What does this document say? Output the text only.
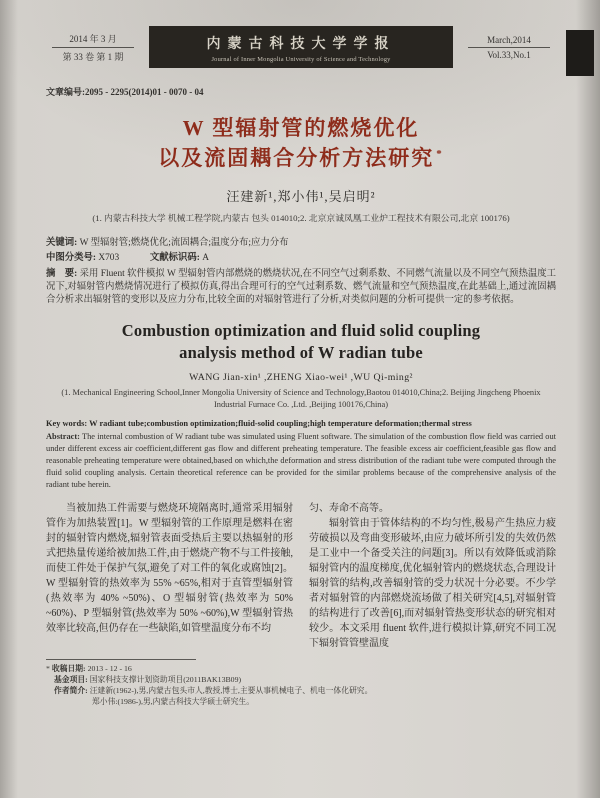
2014 年 3 月
第 33 卷 第 1 期
内蒙古科技大学学报
Journal of Inner Mongolia University of Science and Technology
March,2014
Vol.33,No.1
文章编号:2095 - 2295(2014)01 - 0070 - 04
W 型辐射管的燃烧优化
以及流固耦合分析方法研究 *
汪建新¹,郑小伟¹,吴启明²
(1. 内蒙古科技大学 机械工程学院,内蒙古 包头 014010;2. 北京京诚凤凰工业炉工程技术有限公司,北京 100176)
关键词: W 型辐射管;燃烧优化;流固耦合;温度分布;应力分布
中图分类号: X703	文献标识码: A
摘　要: 采用 Fluent 软件模拟 W 型辐射管内部燃烧的燃烧状况,在不同空气过剩系数、不同燃气流量以及不同空气预热温度工况下,对辐射管内燃烧情况进行了模拟仿真,得出合理可行的空气过剩系数、燃气流量和空气预热温度,在此基础上,通过流固耦合分析求出辐射管的变形以及应力分布,比较全面的对辐射管进行了分析,对类似问题的分析可提供一定的参考依据。
Combustion optimization and fluid solid coupling
analysis method of W radian tube
WANG Jian-xin¹ ,ZHENG Xiao-wei¹ ,WU Qi-ming²
(1. Mechanical Engineering School,Inner Mongolia University of Science and Technology,Baotou 014010,China;2. Beijing Jingcheng Phoenix Industrial Furnace Co. ,Ltd. ,Beijing 100176,China)
Key words: W radiant tube;combustion optimization;fluid-solid coupling;high temperature deformation;thermal stress
Abstract: The internal combustion of W radiant tube was simulated using Fluent software. The simulation of the combustion flow field was carried out under different excess air coefficient,different gas flow and different preheating temperature. The feasible excess air coefficient,feasible gas flow and reasonable preheating temperature were obtained,based on which,the deformation and stress distribution of the radiant tube were computed through the fluid solid coupling analysis. Certain theoretical reference can be provided for the similar problems because of the comprehensive analysis of the radiant tube herein.

当被加热工件需要与燃烧环境隔离时,通常采用辐射管作为加热装置[1]。W 型辐射管的工作原理是燃料在密封的辐射管内燃烧,辐射管表面受热后主要以热辐射的形式把热量传递给被加热工件,由于燃烧产物不与工件接触,而使工件处于保护气氛,避免了对工件的氧化或腐蚀[2]。W 型辐射管的热效率为 55% ~65%,相对于直管型辐射管(热效率为 40% ~50%)、O 型辐射管(热效率为 50% ~60%)、P 型辐射管(热效率为 50% ~60%),W 型辐射管热效率比较高,但仍存在一些缺陷,如管壁温度分布不均

匀、寿命不高等。

辐射管由于管体结构的不均匀性,极易产生热应力疲劳破损以及弯曲变形破坏,由应力破坏所引发的失效仍然是工业中一个备受关注的问题[3]。所以有效降低或消除辐射管内的温度梯度,优化辐射管内的燃烧状态,合理设计辐射管的结构,改善辐射管的受力状况十分必要。不少学者对辐射管的内部燃烧流场做了相关研究[4,5],对辐射管的结构进行了改善[6],而对辐射管热变形状态的研究相对较少。本文采用 fluent 软件,进行模拟计算,研究不同工况下辐射管管壁温度

* 收稿日期: 2013 - 12 - 16
基金项目: 国家科技支撑计划资助项目(2011BAK13B09)
作者简介: 汪建新(1962-),男,内蒙古包头市人,教授,博士,主要从事机械电子、机电一体化研究。
郑小伟:(1986-),男,内蒙古科技大学硕士研究生。
